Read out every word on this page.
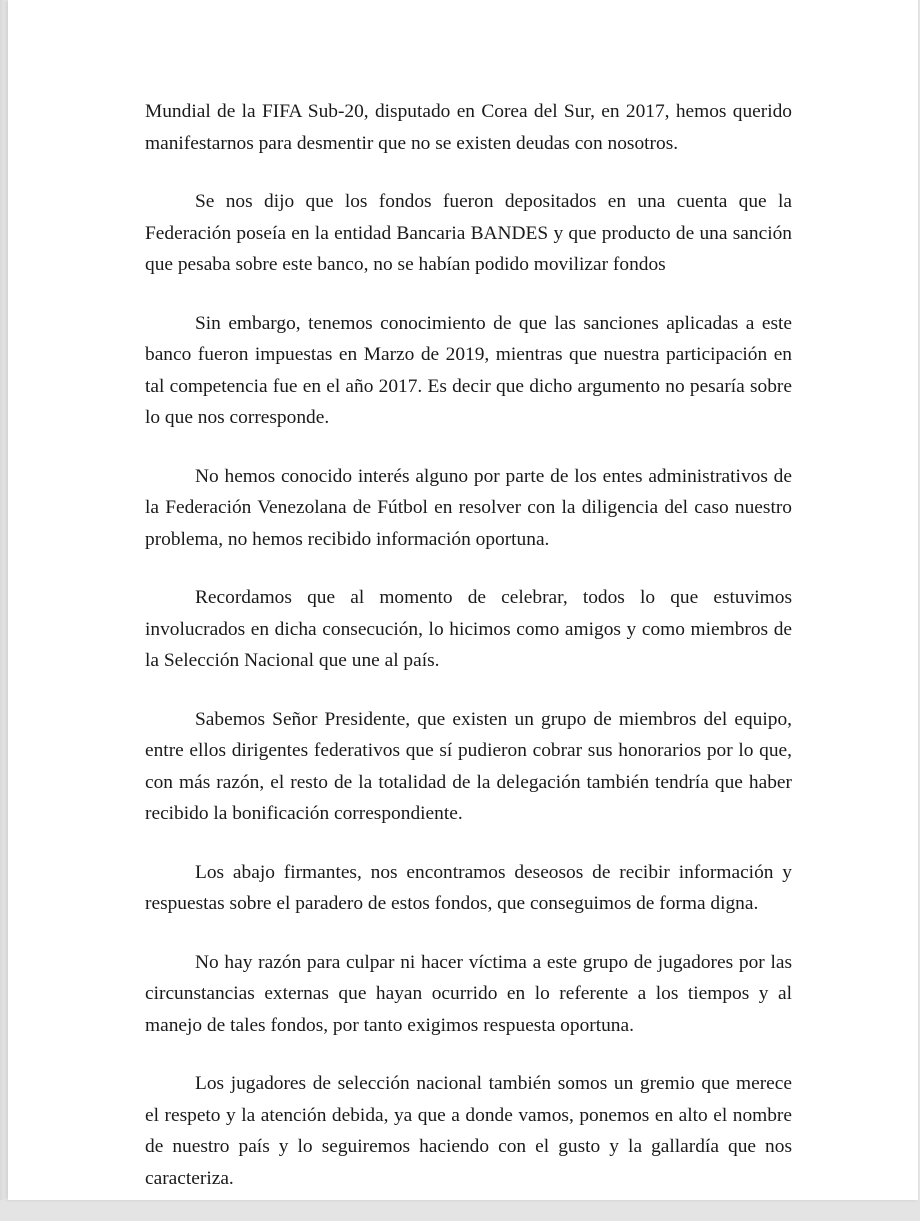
Mundial de la FIFA Sub-20, disputado en Corea del Sur, en 2017, hemos querido manifestarnos para desmentir que no se existen deudas con nosotros.

Se nos dijo que los fondos fueron depositados en una cuenta que la Federación poseía en la entidad Bancaria BANDES y que producto de una sanción que pesaba sobre este banco, no se habían podido movilizar fondos

Sin embargo, tenemos conocimiento de que las sanciones aplicadas a este banco fueron impuestas en Marzo de 2019, mientras que nuestra participación en tal competencia fue en el año 2017. Es decir que dicho argumento no pesaría sobre lo que nos corresponde.

No hemos conocido interés alguno por parte de los entes administrativos de la Federación Venezolana de Fútbol en resolver con la diligencia del caso nuestro problema, no hemos recibido información oportuna.

Recordamos que al momento de celebrar, todos lo que estuvimos involucrados en dicha consecución, lo hicimos como amigos y como miembros de la Selección Nacional que une al país.

Sabemos Señor Presidente, que existen un grupo de miembros del equipo, entre ellos dirigentes federativos que sí pudieron cobrar sus honorarios por lo que, con más razón, el resto de la totalidad de la delegación también tendría que haber recibido la bonificación correspondiente.

Los abajo firmantes, nos encontramos deseosos de recibir información y respuestas sobre el paradero de estos fondos, que conseguimos de forma digna.

No hay razón para culpar ni hacer víctima a este grupo de jugadores por las circunstancias externas que hayan ocurrido en lo referente a los tiempos y al manejo de tales fondos, por tanto exigimos respuesta oportuna.

Los jugadores de selección nacional también somos un gremio que merece el respeto y la atención debida, ya que a donde vamos, ponemos en alto el nombre de nuestro país y lo seguiremos haciendo con el gusto y la gallardía que nos caracteriza.
